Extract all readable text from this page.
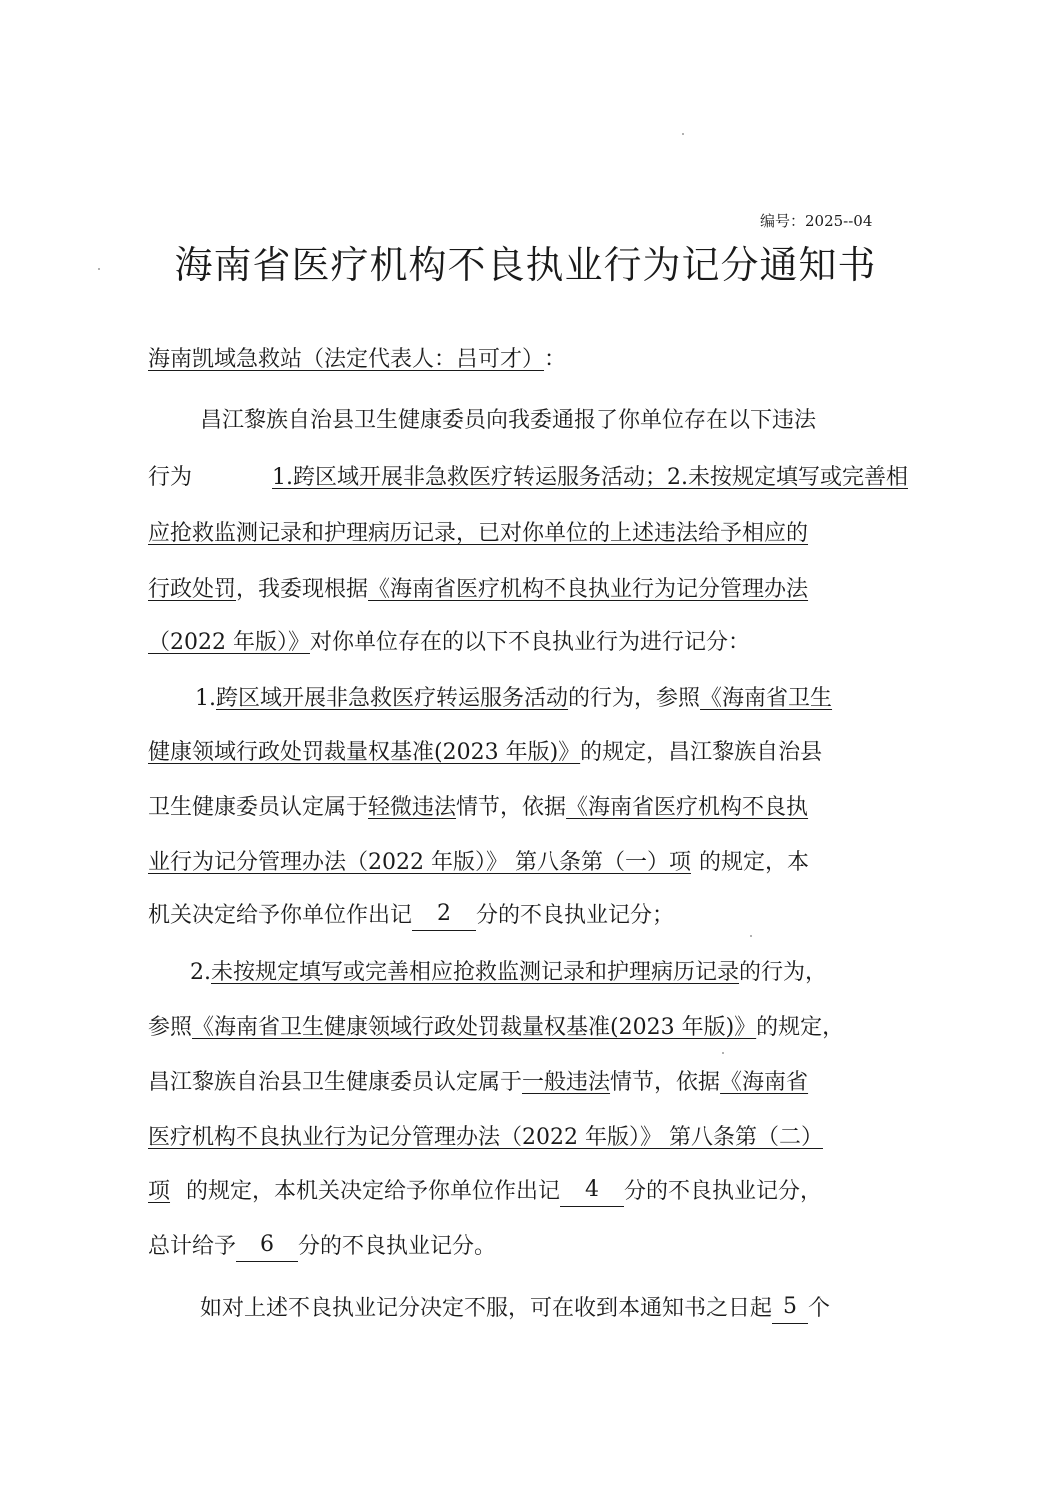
编号：2025--04
海南省医疗机构不良执业行为记分通知书
海南凯域急救站（法定代表人：吕可才） ：
昌江黎族自治县卫生健康委员向我委通报了你单位存在以下违法
行为	1.跨区域开展非急救医疗转运服务活动；2.未按规定填写或完善相
应抢救监测记录和护理病历记录，已对你单位的上述违法给予相应的
行政处罚 ，我委现根据 《海南省医疗机构不良执业行为记分管理办法
（2022 年版）》 对你单位存在的以下不良执业行为进行记分：
1. 跨区域开展非急救医疗转运服务活动 的行为，参照 《海南省卫生
健康领域行政处罚裁量权基准(2023 年版)》 的规定，昌江黎族自治县
卫生健康委员认定属于 轻微违法 情节，依据 《海南省医疗机构不良执
业行为记分管理办法（2022 年版）》 第八条第（一）项 的规定，本
机关决定给予你单位作出记	2	分的不良执业记分；
2. 未按规定填写或完善相应抢救监测记录和护理病历记录 的行为，
参照 《海南省卫生健康领域行政处罚裁量权基准(2023 年版)》 的规定，
昌江黎族自治县卫生健康委员认定属于 一般违法 情节，依据 《海南省
医疗机构不良执业行为记分管理办法（2022 年版）》 第八条第（二）
项 的规定，本机关决定给予你单位作出记	4	分的不良执业记分，
总计给予	6	分的不良执业记分。
如对上述不良执业记分决定不服，可在收到本通知书之日起 5 个
